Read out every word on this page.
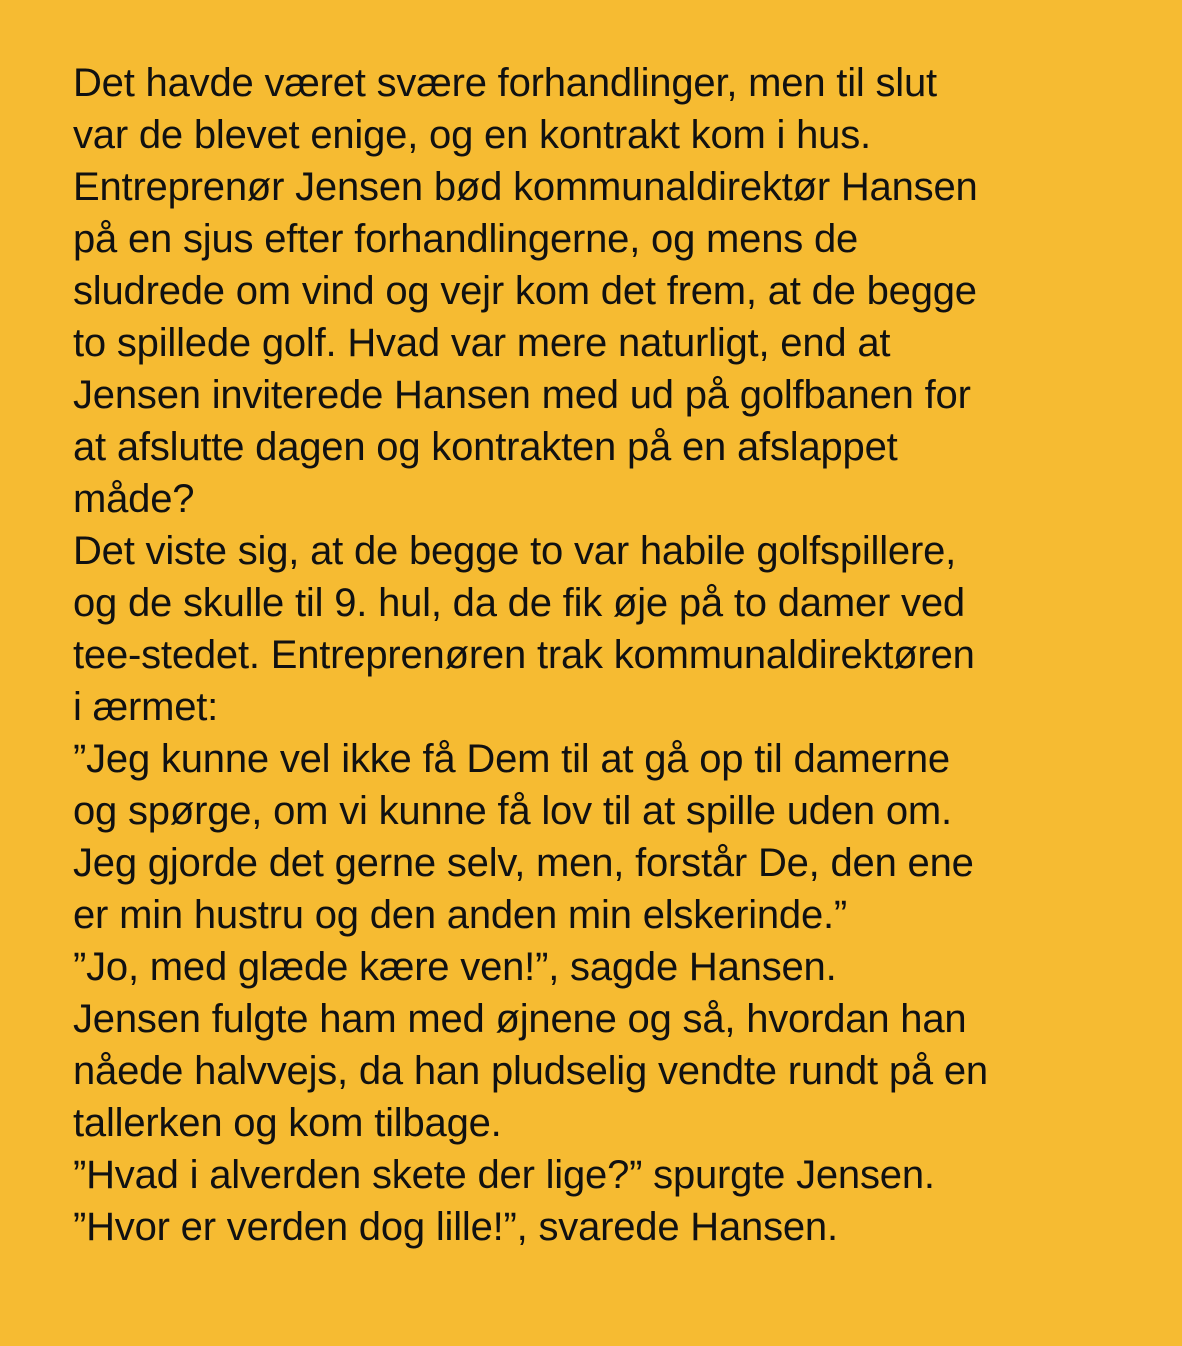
Det havde været svære forhandlinger, men til slut
var de blevet enige, og en kontrakt kom i hus.
Entreprenør Jensen bød kommunaldirektør Hansen
på en sjus efter forhandlingerne, og mens de
sludrede om vind og vejr kom det frem, at de begge
to spillede golf. Hvad var mere naturligt, end at
Jensen inviterede Hansen med ud på golfbanen for
at afslutte dagen og kontrakten på en afslappet
måde?
Det viste sig, at de begge to var habile golfspillere,
og de skulle til 9. hul, da de fik øje på to damer ved
tee-stedet. Entreprenøren trak kommunaldirektøren
i ærmet:
”Jeg kunne vel ikke få Dem til at gå op til damerne
og spørge, om vi kunne få lov til at spille uden om.
Jeg gjorde det gerne selv, men, forstår De, den ene
er min hustru og den anden min elskerinde.”
”Jo, med glæde kære ven!”, sagde Hansen.
Jensen fulgte ham med øjnene og så, hvordan han
nåede halvvejs, da han pludselig vendte rundt på en
tallerken og kom tilbage.
”Hvad i alverden skete der lige?” spurgte Jensen.
”Hvor er verden dog lille!”, svarede Hansen.
